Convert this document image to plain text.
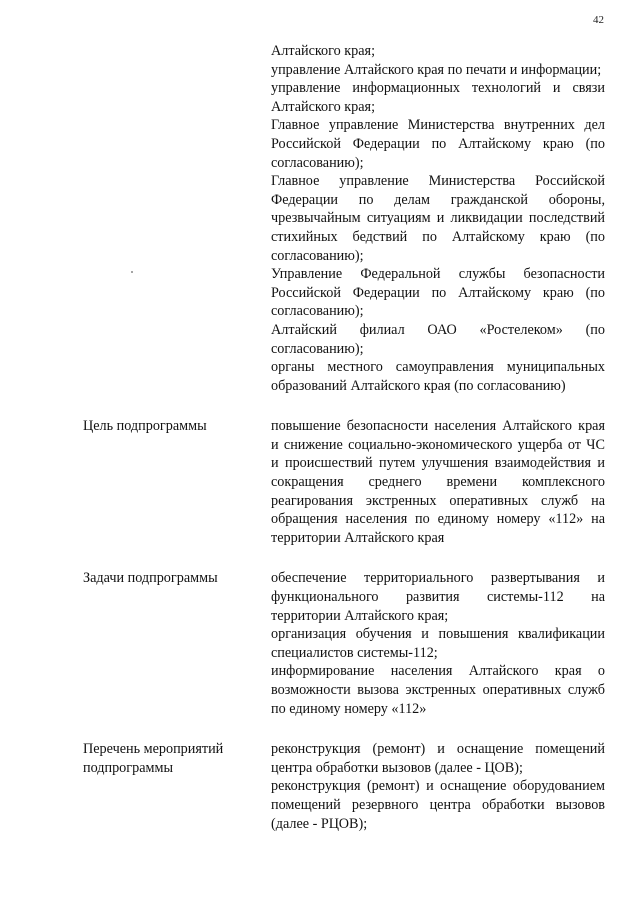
42

Алтайского края;

управление Алтайского края по печати и информации;

управление информационных технологий и связи Алтайского края;

Главное управление Министерства внутренних дел Российской Федерации по Алтайскому краю (по согласованию);

Главное управление Министерства Российской Федерации по делам гражданской обороны, чрезвычайным ситуациям и ликвидации последствий стихийных бедствий по Алтайскому краю (по согласованию);

Управление Федеральной службы безопасности Российской Федерации по Алтайскому краю (по согласованию);

Алтайский филиал ОАО «Ростелеком» (по согласованию);

органы местного самоуправления муниципальных образований Алтайского края (по согласованию)

Цель подпрограммы	повышение безопасности населения Алтайского края и снижение социально-экономического ущерба от ЧС и происшествий путем улучшения взаимодействия и сокращения среднего времени комплексного реагирования экстренных оперативных служб на обращения населения по единому номеру «112» на территории Алтайского края

Задачи подпрограммы	обеспечение территориального развертывания и функционального развития системы-112 на территории Алтайского края;

организация обучения и повышения квалификации специалистов системы-112;

информирование населения Алтайского края о возможности вызова экстренных оперативных служб по единому номеру «112»

Перечень мероприятий подпрограммы

реконструкция (ремонт) и оснащение помещений центра обработки вызовов (далее - ЦОВ);

реконструкция (ремонт) и оснащение оборудованием помещений резервного центра обработки вызовов (далее - РЦОВ);
